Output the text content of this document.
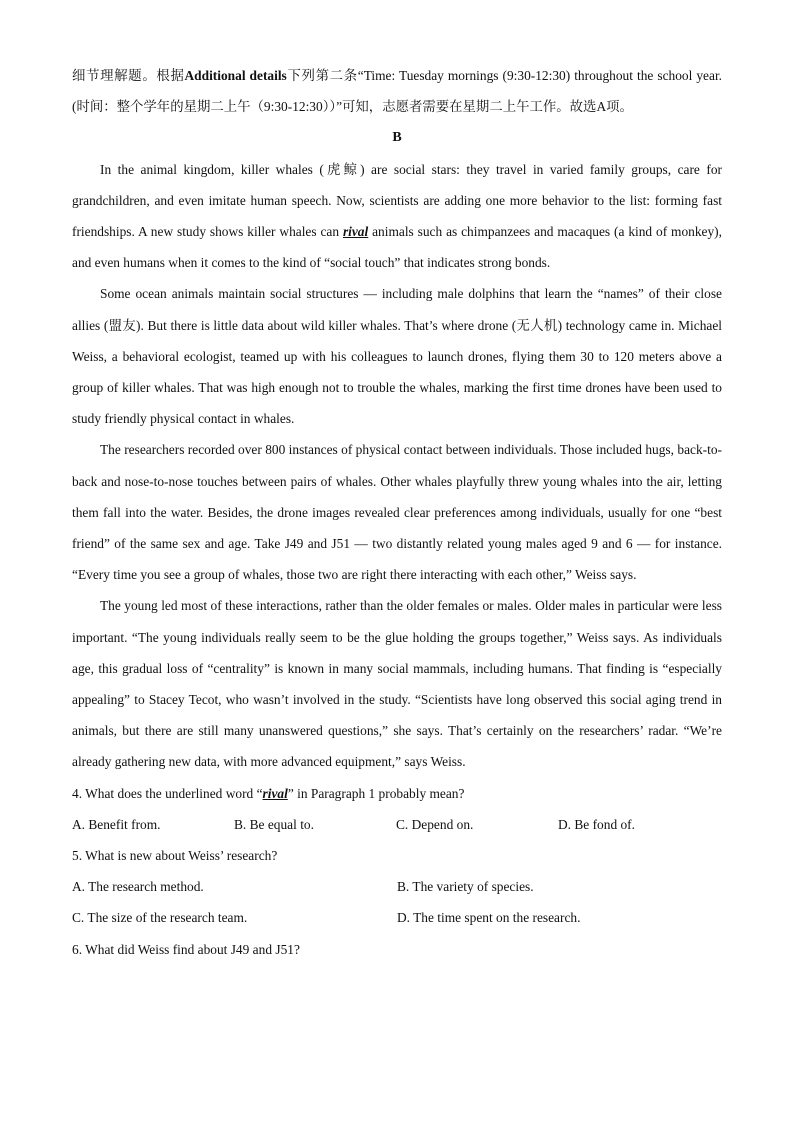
细节理解题。根据Additional details下列第二条“Time: Tuesday mornings (9:30-12:30) throughout the school year. (时间：整个学年的星期二上午（9:30-12:30））”可知，志愿者需要在星期二上午工作。故选A项。

B

In the animal kingdom, killer whales (虎鲸) are social stars: they travel in varied family groups, care for grandchildren, and even imitate human speech. Now, scientists are adding one more behavior to the list: forming fast friendships. A new study shows killer whales can rival animals such as chimpanzees and macaques (a kind of monkey), and even humans when it comes to the kind of “social touch” that indicates strong bonds.

Some ocean animals maintain social structures — including male dolphins that learn the “names” of their close allies (盟友). But there is little data about wild killer whales. That’s where drone (无人机) technology came in. Michael Weiss, a behavioral ecologist, teamed up with his colleagues to launch drones, flying them 30 to 120 meters above a group of killer whales. That was high enough not to trouble the whales, marking the first time drones have been used to study friendly physical contact in whales.

The researchers recorded over 800 instances of physical contact between individuals. Those included hugs, back-to-back and nose-to-nose touches between pairs of whales. Other whales playfully threw young whales into the air, letting them fall into the water. Besides, the drone images revealed clear preferences among individuals, usually for one “best friend” of the same sex and age. Take J49 and J51 — two distantly related young males aged 9 and 6 — for instance. “Every time you see a group of whales, those two are right there interacting with each other,” Weiss says.

The young led most of these interactions, rather than the older females or males. Older males in particular were less important. “The young individuals really seem to be the glue holding the groups together,” Weiss says. As individuals age, this gradual loss of “centrality” is known in many social mammals, including humans. That finding is “especially appealing” to Stacey Tecot, who wasn’t involved in the study. “Scientists have long observed this social aging trend in animals, but there are still many unanswered questions,” she says. That’s certainly on the researchers’ radar. “We’re already gathering new data, with more advanced equipment,” says Weiss.

4. What does the underlined word “rival” in Paragraph 1 probably mean?

A. Benefit from.	B. Be equal to.	C. Depend on.	D. Be fond of.

5. What is new about Weiss’ research?

A. The research method.	B. The variety of species.
C. The size of the research team.	D. The time spent on the research.

6. What did Weiss find about J49 and J51?
